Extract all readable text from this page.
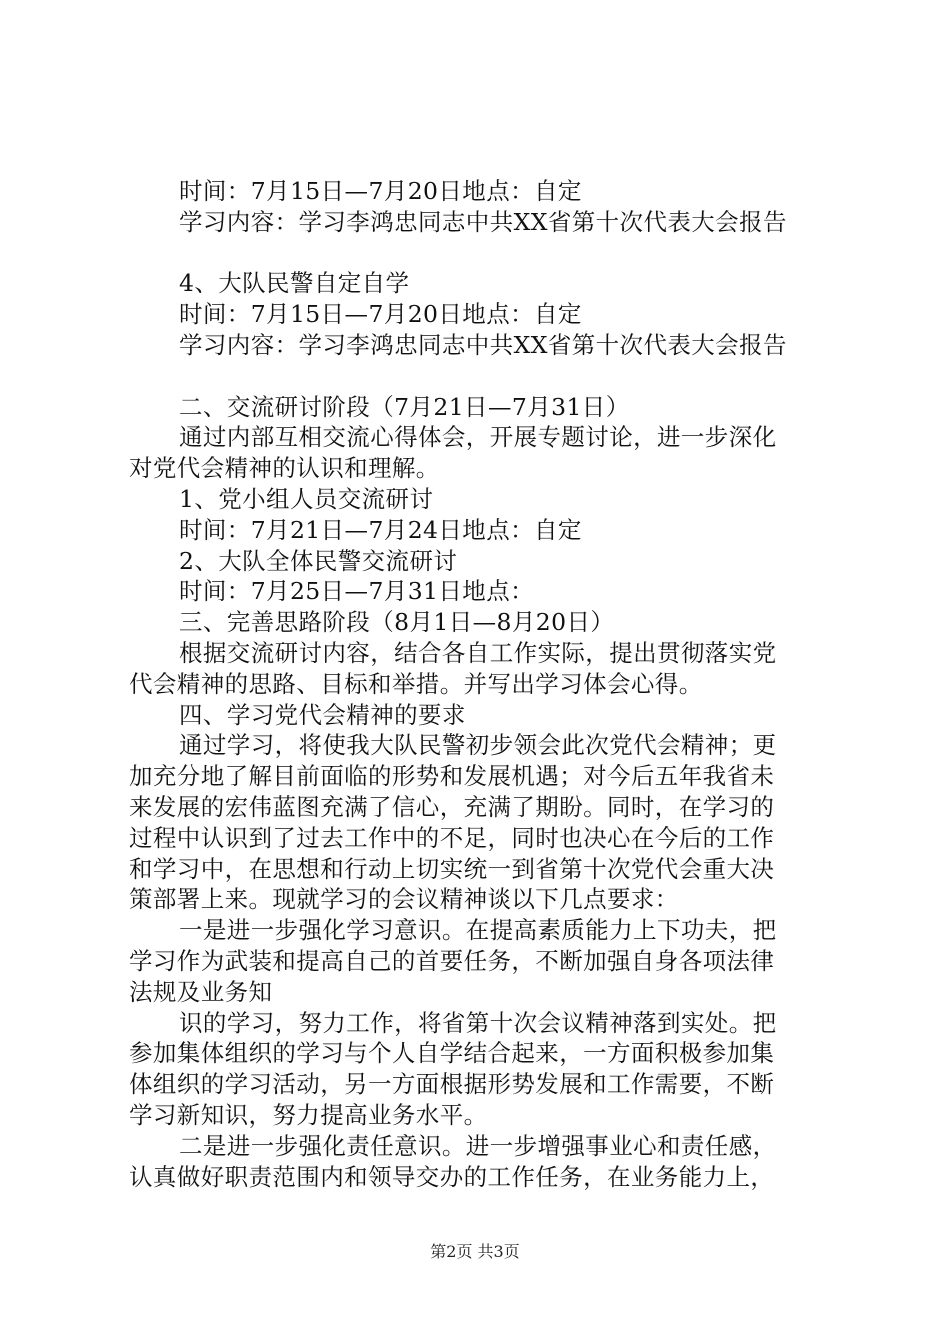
时间：7月15日—7月20日地点：自定
学习内容：学习李鸿忠同志中共XX省第十次代表大会报告
4、大队民警自定自学
时间：7月15日—7月20日地点：自定
学习内容：学习李鸿忠同志中共XX省第十次代表大会报告
二、交流研讨阶段（7月21日—7月31日）
通过内部互相交流心得体会，开展专题讨论，进一步深化
对党代会精神的认识和理解。
1、党小组人员交流研讨
时间：7月21日—7月24日地点：自定
2、大队全体民警交流研讨
时间：7月25日—7月31日地点：
三、完善思路阶段（8月1日—8月20日）
根据交流研讨内容，结合各自工作实际，提出贯彻落实党
代会精神的思路、目标和举措。并写出学习体会心得。
四、学习党代会精神的要求
通过学习，将使我大队民警初步领会此次党代会精神；更
加充分地了解目前面临的形势和发展机遇；对今后五年我省未
来发展的宏伟蓝图充满了信心，充满了期盼。同时，在学习的
过程中认识到了过去工作中的不足，同时也决心在今后的工作
和学习中，在思想和行动上切实统一到省第十次党代会重大决
策部署上来。现就学习的会议精神谈以下几点要求：
一是进一步强化学习意识。在提高素质能力上下功夫，把
学习作为武装和提高自己的首要任务，不断加强自身各项法律
法规及业务知
识的学习，努力工作，将省第十次会议精神落到实处。把
参加集体组织的学习与个人自学结合起来，一方面积极参加集
体组织的学习活动，另一方面根据形势发展和工作需要，不断
学习新知识，努力提高业务水平。
二是进一步强化责任意识。进一步增强事业心和责任感，
认真做好职责范围内和领导交办的工作任务，在业务能力上，
第2页 共3页
